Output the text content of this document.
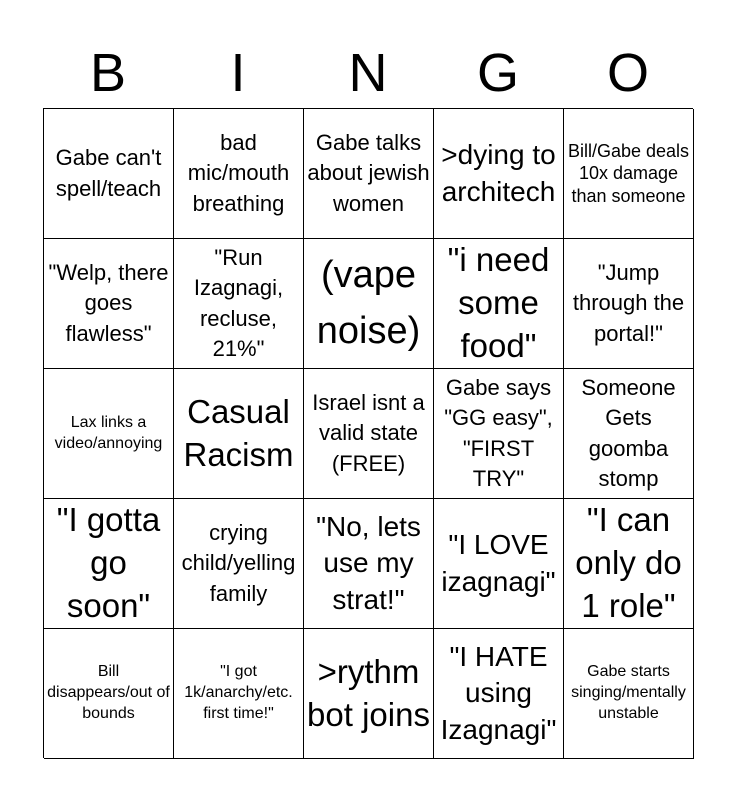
B	I	N	G	O
Gabe can't spell/teach
bad mic/mouth breathing
Gabe talks about jewish women
>dying to architech
Bill/Gabe deals 10x damage than someone
"Welp, there goes flawless"
"Run Izagnagi, recluse, 21%"
(vape noise)
"i need some food"
"Jump through the portal!"
Lax links a video/annoying
Casual Racism
Israel isnt a valid state (FREE)
Gabe says "GG easy", "FIRST TRY"
Someone Gets goomba stomp
"I gotta go soon"
crying child/yelling family
"No, lets use my strat!"
"I LOVE izagnagi"
"I can only do 1 role"
Bill disappears/out of bounds
"I got 1k/anarchy/etc. first time!"
>rythm bot joins
"I HATE using Izagnagi"
Gabe starts singing/mentally unstable
